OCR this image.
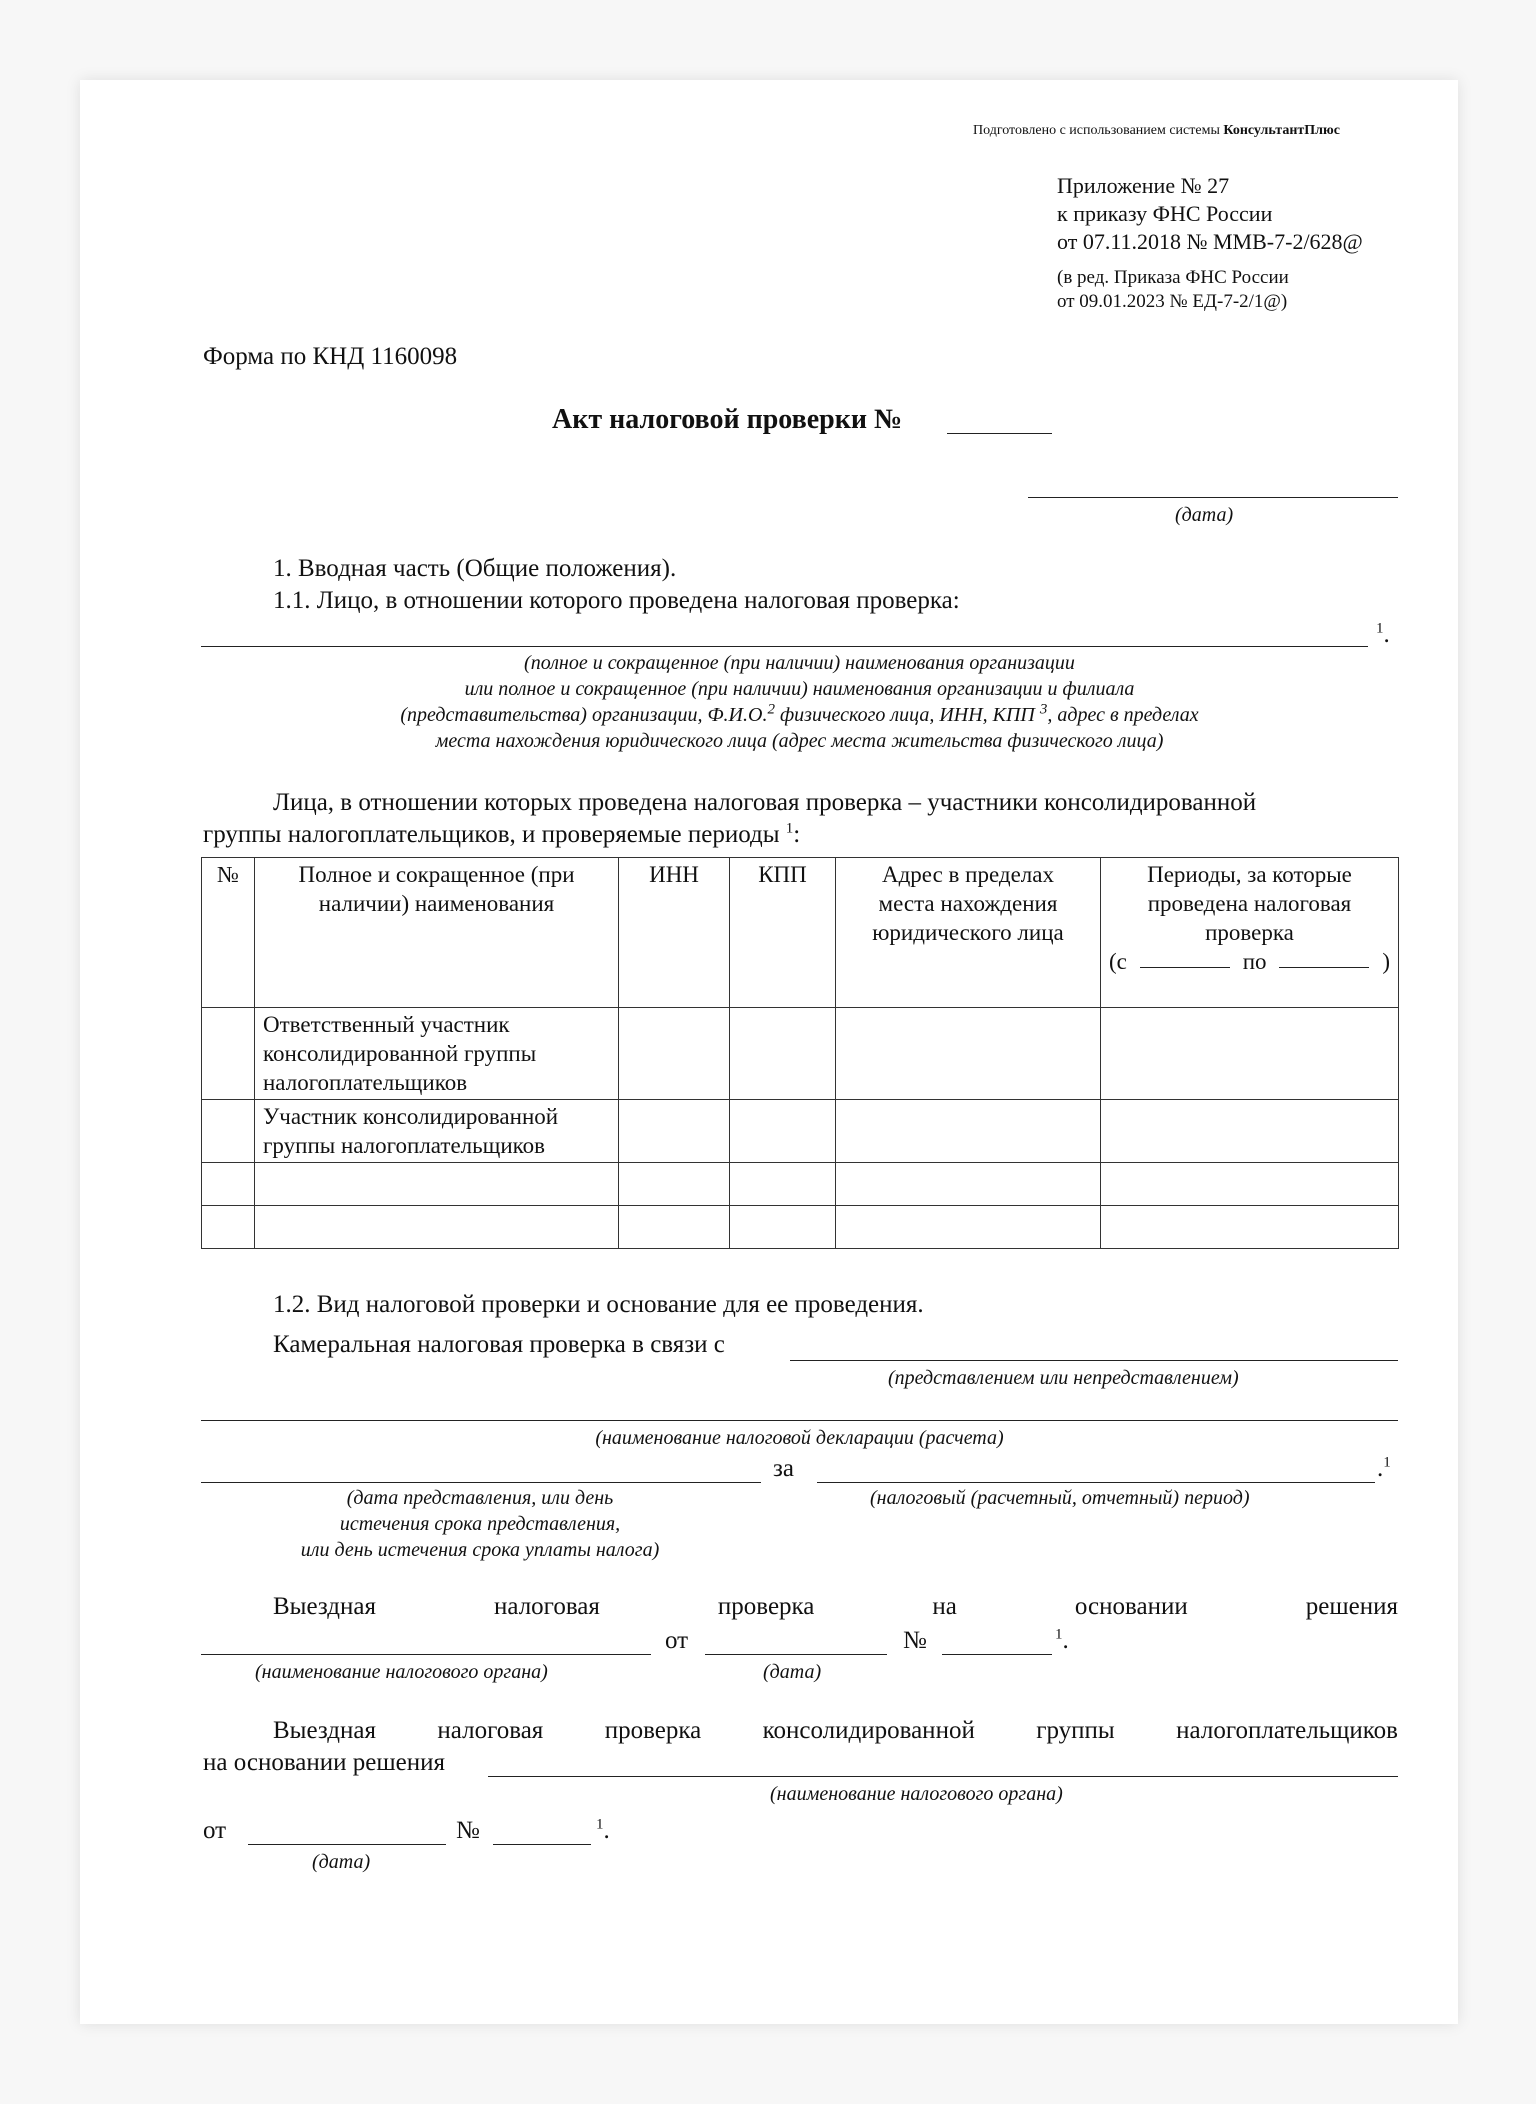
Подготовлено с использованием системы КонсультантПлюс
Приложение № 27
к приказу ФНС России
от 07.11.2018 № ММВ-7-2/628@
(в ред. Приказа ФНС России
от 09.01.2023 № ЕД-7-2/1@)
Форма по КНД 1160098
Акт налоговой проверки №
(дата)
1. Вводная часть (Общие положения).
1.1. Лицо, в отношении которого проведена налоговая проверка:
$^1$.
(полное и сокращенное (при наличии) наименования организации
или полное и сокращенное (при наличии) наименования организации и филиала
(представительства) организации, Ф.И.О.$^2$ физического лица, ИНН, КПП $^3$, адрес в пределах
места нахождения юридического лица (адрес места жительства физического лица)
Лица, в отношении которых проведена налоговая проверка – участники консолидированной
группы налогоплательщиков, и проверяемые периоды $^1$:
№	Полное и сокращенное (при наличии) наименования	ИНН	КПП	Адрес в пределах места нахождения юридического лица	Периоды, за которые проведена налоговая проверка
(с по )

	Ответственный участник консолидированной группы налогоплательщиков				
	Участник консолидированной группы налогоплательщиков				

1.2. Вид налоговой проверки и основание для ее проведения.
Камеральная налоговая проверка в связи с
(представлением или непредставлением)
(наименование налоговой декларации (расчета)
за	.$^1$
(дата представления, или день
истечения срока представления,
или день истечения срока уплаты налога)
(налоговый (расчетный, отчетный) период)
Выездная	налоговая	проверка	на	основании	решения
от	№	$^1$.
(наименование налогового органа)	(дата)
Выездная налоговая проверка консолидированной группы налогоплательщиков
на основании решения
(наименование налогового органа)
от	№	$^1$.
(дата)
